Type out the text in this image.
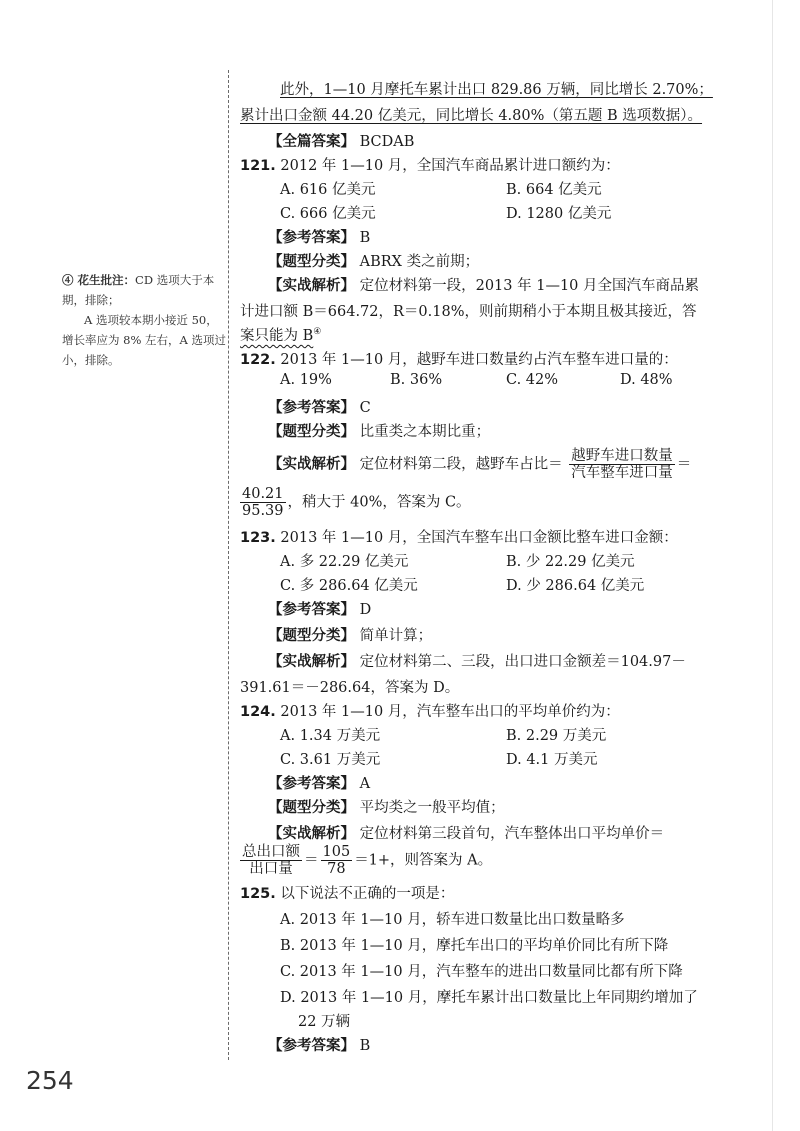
④ 花生批注：CD 选项大于本期，排除；

A 选项较本期小接近 50，增长率应为 8% 左右，A 选项过小，排除。

此外，1—10 月摩托车累计出口 829.86 万辆，同比增长 2.70%；
累计出口金额 44.20 亿美元，同比增长 4.80%（第五题 B 选项数据）。
【全篇答案】 BCDAB
121. 2012 年 1—10 月，全国汽车商品累计进口额约为：
A. 616 亿美元	B. 664 亿美元
C. 666 亿美元	D. 1280 亿美元
【参考答案】 B
【题型分类】 ABRX 类之前期；
【实战解析】 定位材料第一段，2013 年 1—10 月全国汽车商品累
计进口额 B＝664.72，R＝0.18%，则前期稍小于本期且极其接近，答
案只能为 B④
122. 2013 年 1—10 月，越野车进口数量约占汽车整车进口量的：
A. 19%	B. 36%	C. 42%	D. 48%
【参考答案】 C
【题型分类】 比重类之本期比重；
【实战解析】 定位材料第二段，越野车占比＝ $\frac{\text{越野车进口数量}}{\text{汽车整车进口量}}$ ＝
$\frac{40.21}{95.39}$ ，稍大于 40%，答案为 C。
123. 2013 年 1—10 月，全国汽车整车出口金额比整车进口金额：
A. 多 22.29 亿美元	B. 少 22.29 亿美元
C. 多 286.64 亿美元	D. 少 286.64 亿美元
【参考答案】 D
【题型分类】 简单计算；
【实战解析】 定位材料第二、三段，出口进口金额差＝104.97－
391.61＝－286.64，答案为 D。
124. 2013 年 1—10 月，汽车整车出口的平均单价约为：
A. 1.34 万美元	B. 2.29 万美元
C. 3.61 万美元	D. 4.1 万美元
【参考答案】 A
【题型分类】 平均类之一般平均值；
【实战解析】 定位材料第三段首句，汽车整体出口平均单价＝
$\frac{\text{总出口额}}{\text{出口量}} = \frac{105}{78} =1+$，则答案为 A。
125. 以下说法不正确的一项是：
A. 2013 年 1—10 月，轿车进口数量比出口数量略多
B. 2013 年 1—10 月，摩托车出口的平均单价同比有所下降
C. 2013 年 1—10 月，汽车整车的进出口数量同比都有所下降
D. 2013 年 1—10 月，摩托车累计出口数量比上年同期约增加了
22 万辆
【参考答案】 B
254
